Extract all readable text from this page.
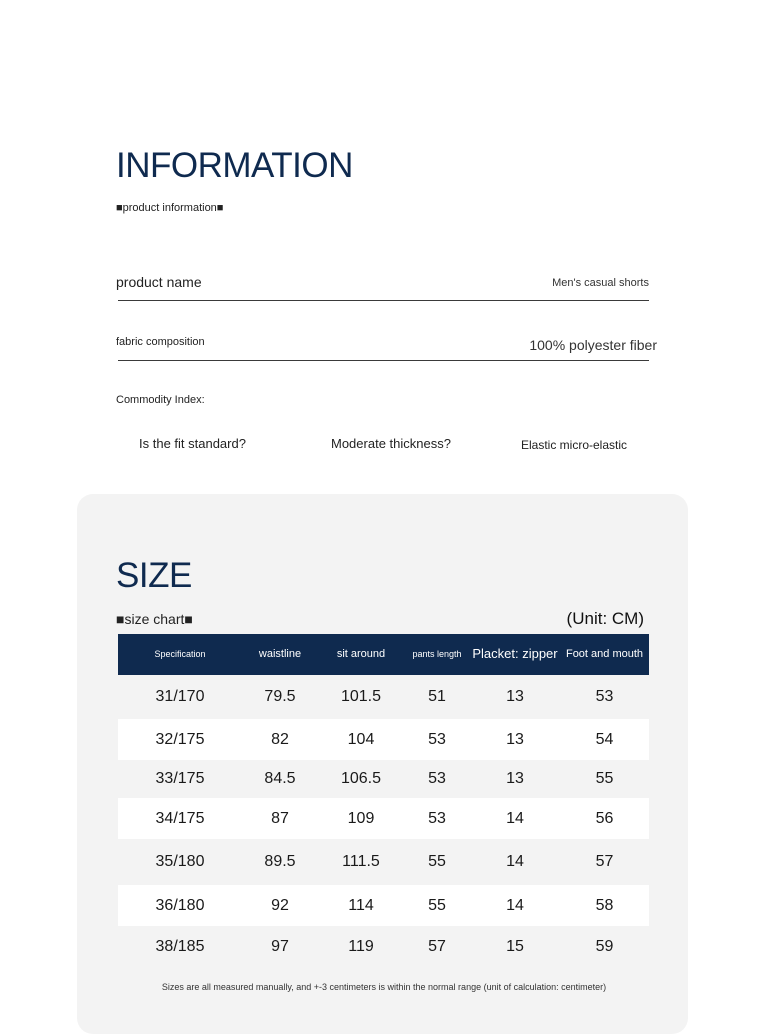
INFORMATION
■product information■
product name	Men's casual shorts
fabric composition	100% polyester fiber
Commodity Index:
Is the fit standard?	Moderate thickness?	Elastic micro-elastic
SIZE
■size chart■	(Unit: CM)
Specification	waistline	sit around	pants length	Placket: zipper	Foot and mouth
31/170	79.5	101.5	51	13	53
32/175	82	104	53	13	54
33/175	84.5	106.5	53	13	55
34/175	87	109	53	14	56
35/180	89.5	111.5	55	14	57
36/180	92	114	55	14	58
38/185	97	119	57	15	59
Sizes are all measured manually, and +-3 centimeters is within the normal range (unit of calculation: centimeter)
